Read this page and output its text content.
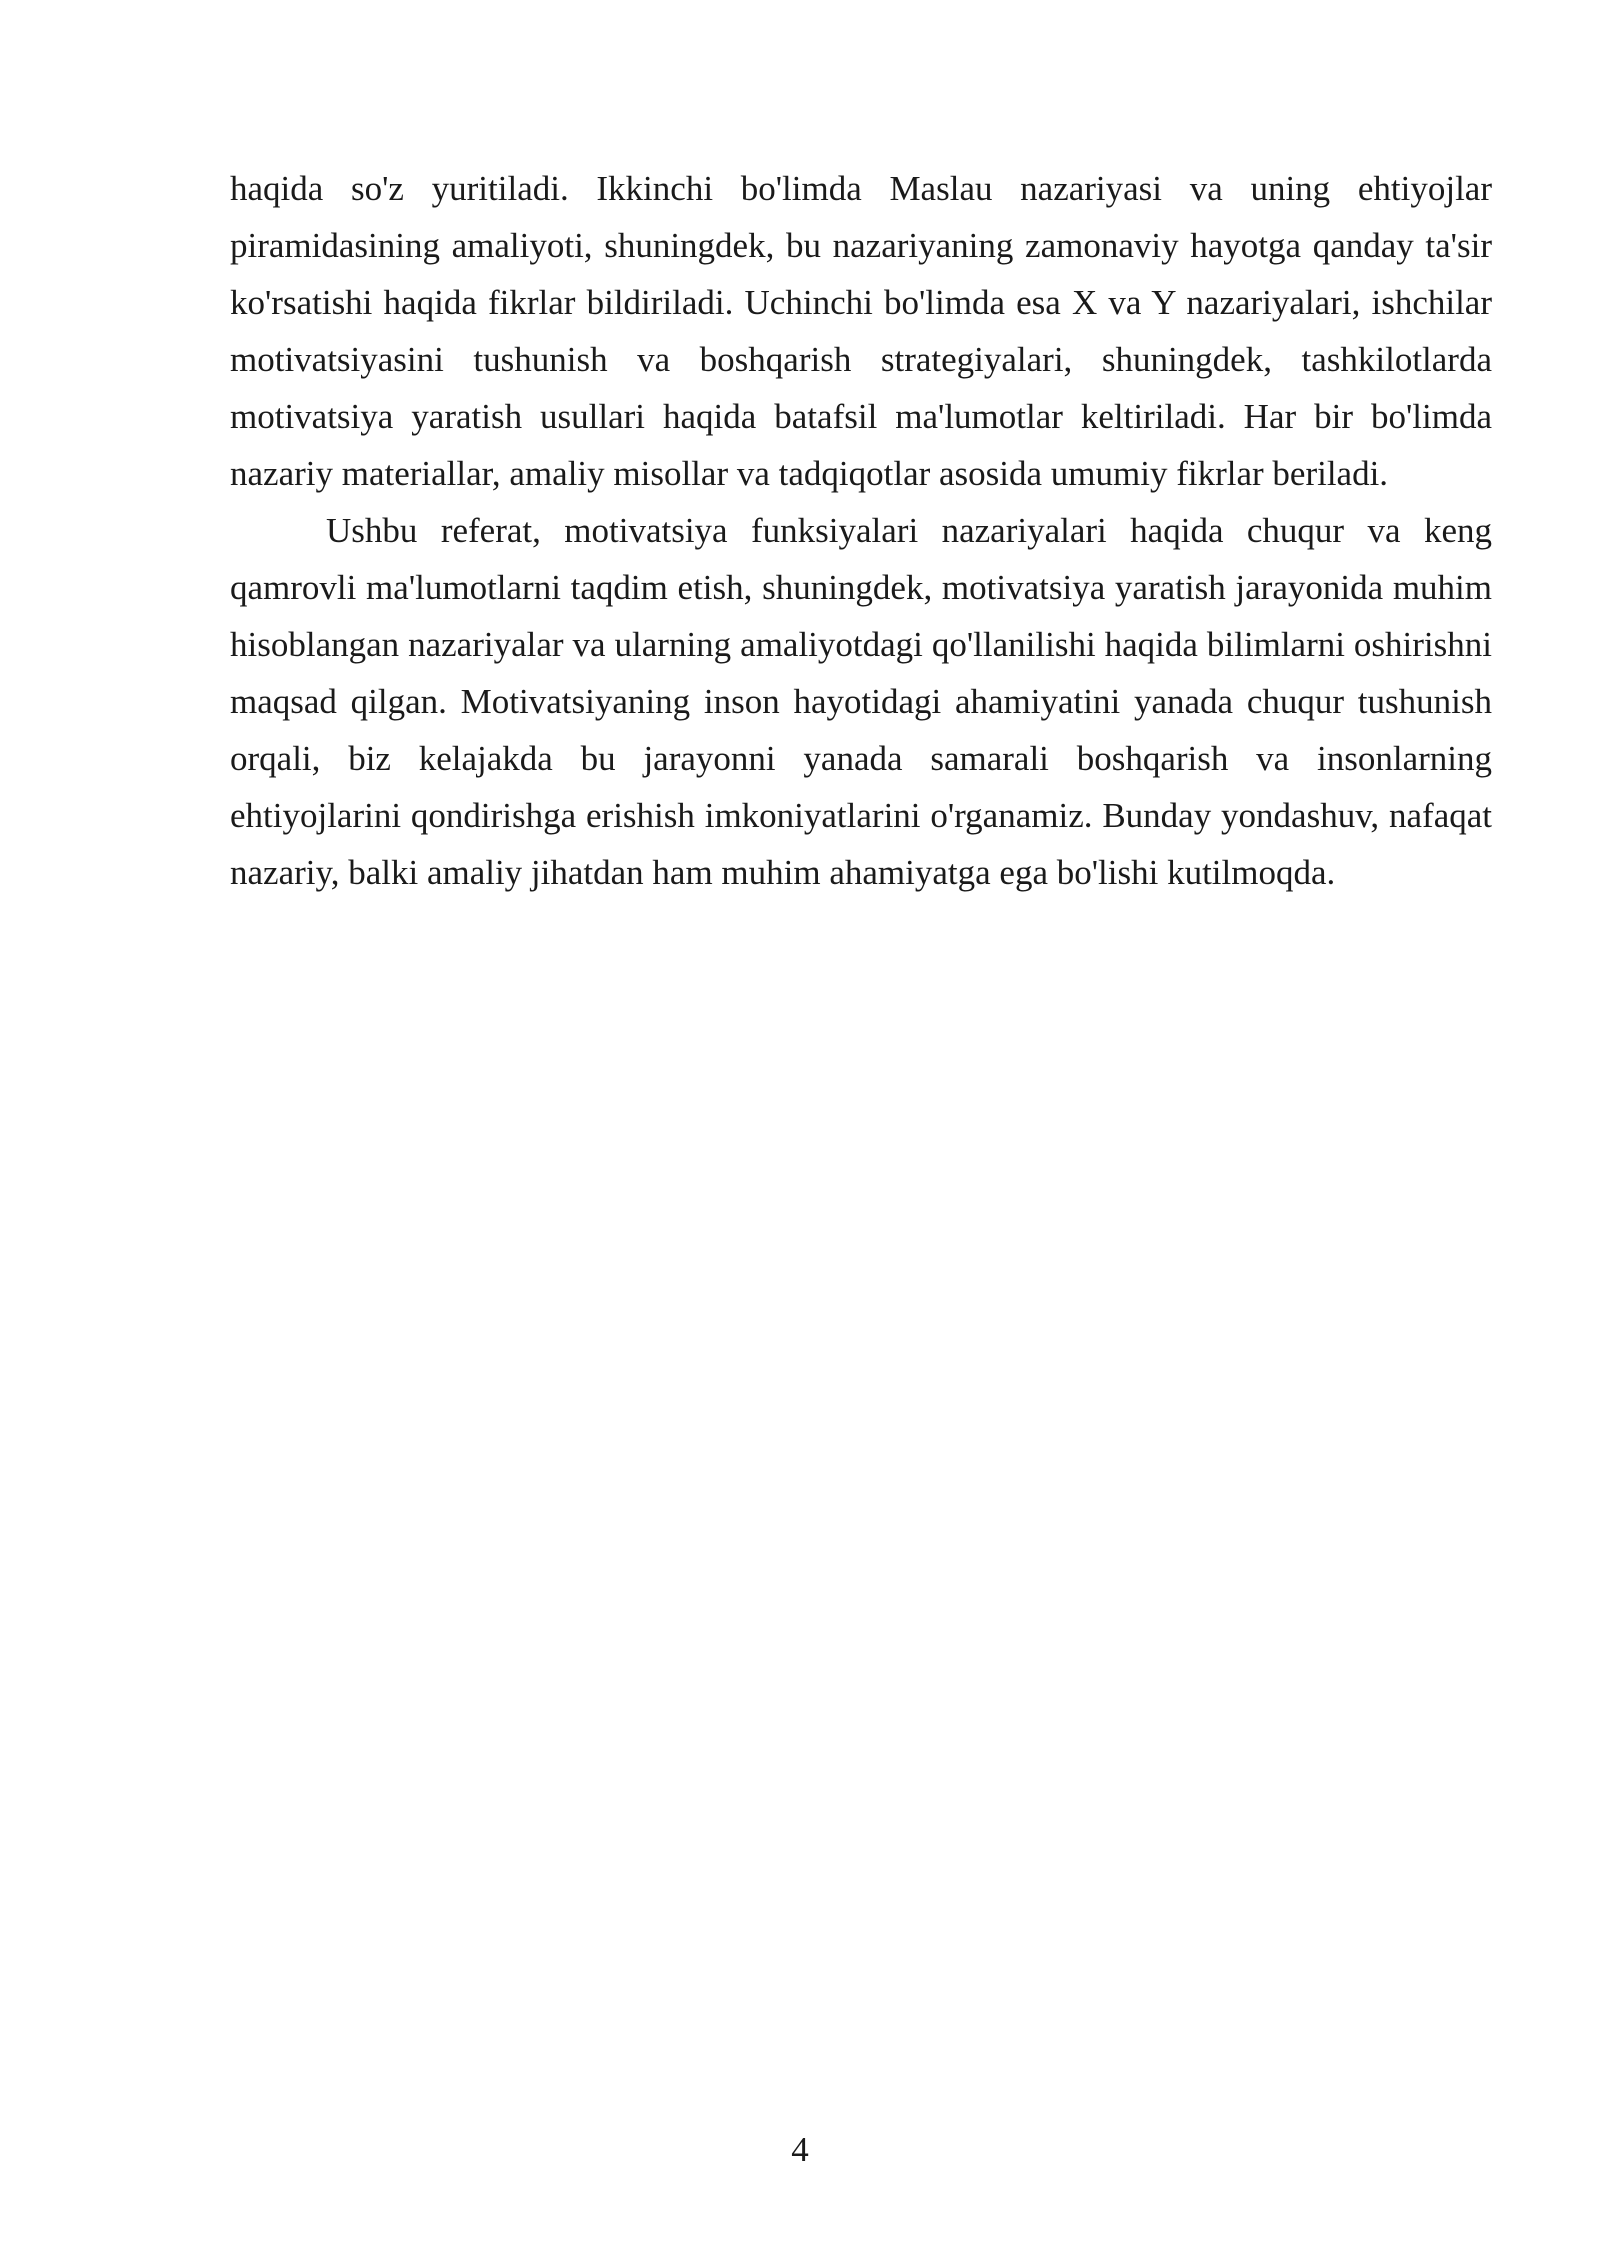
haqida so'z yuritiladi. Ikkinchi bo'limda Maslau nazariyasi va uning ehtiyojlar piramidasining amaliyoti, shuningdek, bu nazariyaning zamonaviy hayotga qanday ta'sir ko'rsatishi haqida fikrlar bildiriladi. Uchinchi bo'limda esa X va Y nazariyalari, ishchilar motivatsiyasini tushunish va boshqarish strategiyalari, shuningdek, tashkilotlarda motivatsiya yaratish usullari haqida batafsil ma'lumotlar keltiriladi. Har bir bo'limda nazariy materiallar, amaliy misollar va tadqiqotlar asosida umumiy fikrlar beriladi.

Ushbu referat, motivatsiya funksiyalari nazariyalari haqida chuqur va keng qamrovli ma'lumotlarni taqdim etish, shuningdek, motivatsiya yaratish jarayonida muhim hisoblangan nazariyalar va ularning amaliyotdagi qo'llanilishi haqida bilimlarni oshirishni maqsad qilgan. Motivatsiyaning inson hayotidagi ahamiyatini yanada chuqur tushunish orqali, biz kelajakda bu jarayonni yanada samarali boshqarish va insonlarning ehtiyojlarini qondirishga erishish imkoniyatlarini o'rganamiz. Bunday yondashuv, nafaqat nazariy, balki amaliy jihatdan ham muhim ahamiyatga ega bo'lishi kutilmoqda.

4
